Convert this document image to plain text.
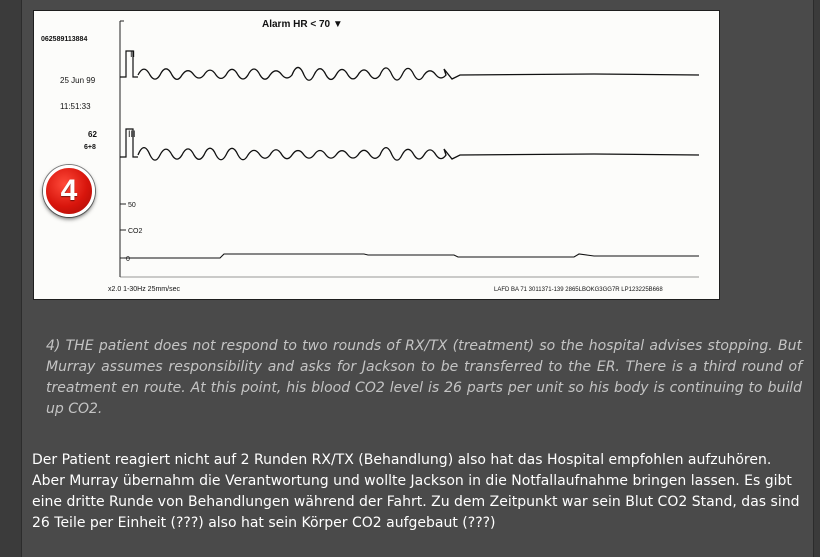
Alarm HR < 70 ▼
062589113884
25 Jun 99
11:51:33
62
6+8
II
III
50
CO2
0
x2.0 1-30Hz 25mm/sec	LAFD BA 71 3011371-139 2865LBOKG3GG7R LP123225B668
4

4) THE patient does not respond to two rounds of RX/TX (treatment) so the hospital advises stopping. But Murray assumes responsibility and asks for Jackson to be transferred to the ER. There is a third round of treatment en route. At this point, his blood CO2 level is 26 parts per unit so his body is continuing to build up CO2.

Der Patient reagiert nicht auf 2 Runden RX/TX (Behandlung) also hat das Hospital empfohlen aufzuhören. Aber Murray übernahm die Verantwortung und wollte Jackson in die Notfallaufnahme bringen lassen. Es gibt eine dritte Runde von Behandlungen während der Fahrt. Zu dem Zeitpunkt war sein Blut CO2 Stand, das sind 26 Teile per Einheit (???) also hat sein Körper CO2 aufgebaut (???)
